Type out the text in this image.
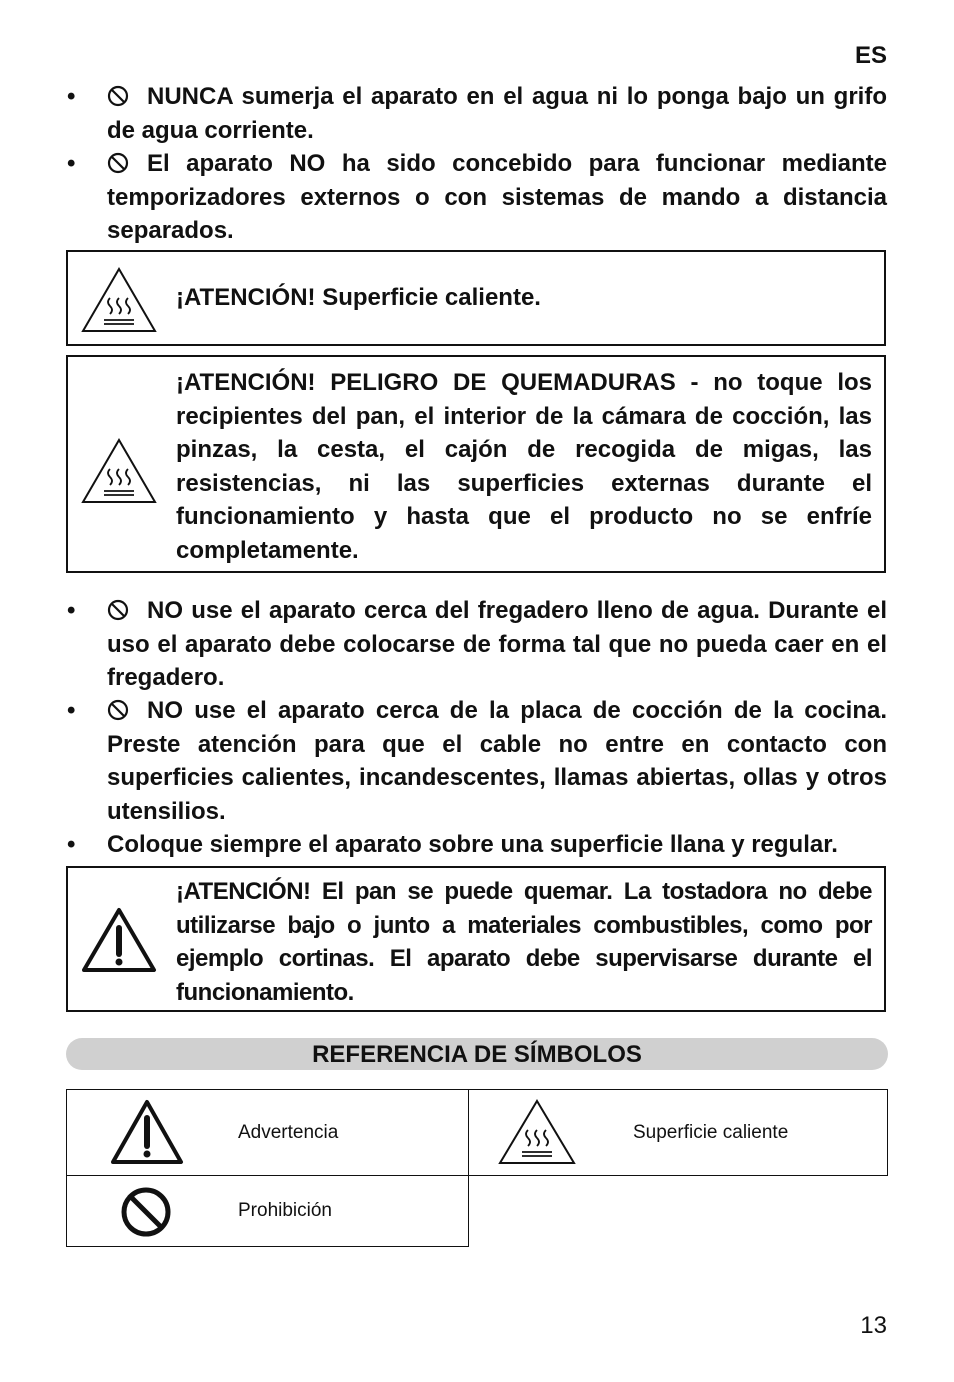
ES
•	NUNCA sumerja el aparato en el agua ni lo ponga bajo un grifo de agua corriente.
•	El aparato NO ha sido concebido para funcionar mediante temporizadores externos o con sistemas de mando a distancia separados.
¡ATENCIÓN! Superficie caliente.
¡ATENCIÓN! PELIGRO DE QUEMADURAS - no toque los recipientes del pan, el interior de la cámara de cocción, las pinzas, la cesta, el cajón de recogida de migas, las resistencias, ni las superficies externas durante el funcionamiento y hasta que el producto no se enfríe completamente.
•	NO use el aparato cerca del fregadero lleno de agua. Durante el uso el aparato debe colocarse de forma tal que no pueda caer en el fregadero.
•	NO use el aparato cerca de la placa de cocción de la cocina. Preste atención para que el cable no entre en contacto con superficies calientes, incandescentes, llamas abiertas, ollas y otros utensilios.
•	Coloque siempre el aparato sobre una superficie llana y regular.
¡ATENCIÓN! El pan se puede quemar. La tostadora no debe utilizarse bajo o junto a materiales combustibles, como por ejemplo cortinas. El aparato debe supervisarse durante el funcionamiento.
REFERENCIA DE SÍMBOLOS
Advertencia	Superficie caliente

Prohibición	

13
